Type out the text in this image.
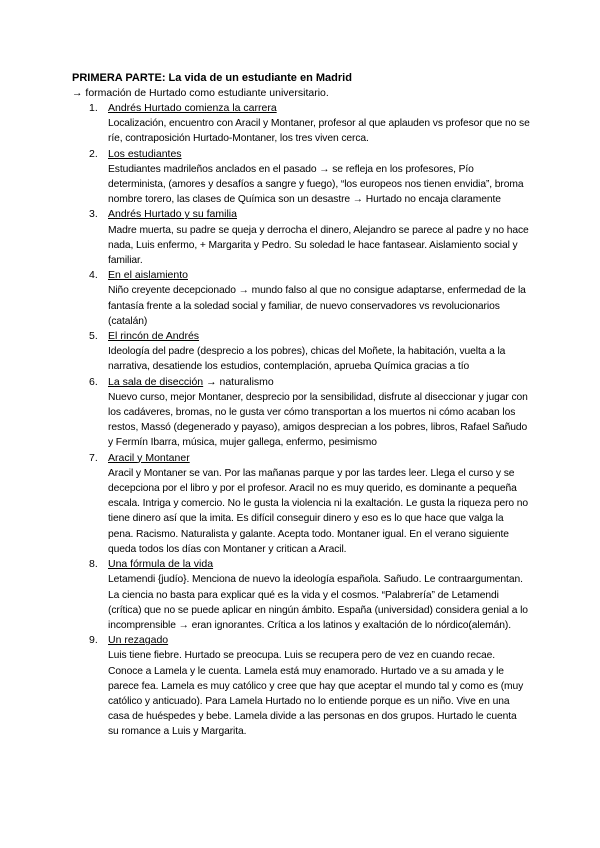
PRIMERA PARTE: La vida de un estudiante en Madrid

→ formación de Hurtado como estudiante universitario.

1. Andrés Hurtado comienza la carrera
Localización, encuentro con Aracil y Montaner, profesor al que aplauden vs profesor que no se ríe, contraposición Hurtado-Montaner, los tres viven cerca.
2. Los estudiantes
Estudiantes madrileños anclados en el pasado → se refleja en los profesores, Pío determinista, (amores y desafíos a sangre y fuego), “los europeos nos tienen envidia”, broma nombre torero, las clases de Química son un desastre → Hurtado no encaja claramente
3. Andrés Hurtado y su familia
Madre muerta, su padre se queja y derrocha el dinero, Alejandro se parece al padre y no hace nada, Luis enfermo, + Margarita y Pedro. Su soledad le hace fantasear. Aislamiento social y familiar.
4. En el aislamiento
Niño creyente decepcionado → mundo falso al que no consigue adaptarse, enfermedad de la fantasía frente a la soledad social y familiar, de nuevo conservadores vs revolucionarios (catalán)
5. El rincón de Andrés
Ideología del padre (desprecio a los pobres), chicas del Moñete, la habitación, vuelta a la narrativa, desatiende los estudios, contemplación, aprueba Química gracias a tío
6. La sala de disección → naturalismo
Nuevo curso, mejor Montaner, desprecio por la sensibilidad, disfrute al diseccionar y jugar con los cadáveres, bromas, no le gusta ver cómo transportan a los muertos ni cómo acaban los restos, Massó (degenerado y payaso), amigos desprecian a los pobres, libros, Rafael Sañudo y Fermín Ibarra, música, mujer gallega, enfermo, pesimismo
7. Aracil y Montaner
Aracil y Montaner se van. Por las mañanas parque y por las tardes leer. Llega el curso y se decepciona por el libro y por el profesor. Aracil no es muy querido, es dominante a pequeña escala. Intriga y comercio. No le gusta la violencia ni la exaltación. Le gusta la riqueza pero no tiene dinero así que la imita. Es difícil conseguir dinero y eso es lo que hace que valga la pena. Racismo. Naturalista y galante. Acepta todo. Montaner igual. En el verano siguiente queda todos los días con Montaner y critican a Aracil.
8. Una fórmula de la vida
Letamendi {judío}. Menciona de nuevo la ideología española. Sañudo. Le contraargumentan. La ciencia no basta para explicar qué es la vida y el cosmos. “Palabrería” de Letamendi (crítica) que no se puede aplicar en ningún ámbito. España (universidad) considera genial a lo incomprensible → eran ignorantes. Crítica a los latinos y exaltación de lo nórdico(alemán).
9. Un rezagado
Luis tiene fiebre. Hurtado se preocupa. Luis se recupera pero de vez en cuando recae. Conoce a Lamela y le cuenta. Lamela está muy enamorado. Hurtado ve a su amada y le parece fea. Lamela es muy católico y cree que hay que aceptar el mundo tal y como es (muy católico y anticuado). Para Lamela Hurtado no lo entiende porque es un niño. Vive en una casa de huéspedes y bebe. Lamela divide a las personas en dos grupos. Hurtado le cuenta su romance a Luis y Margarita.
